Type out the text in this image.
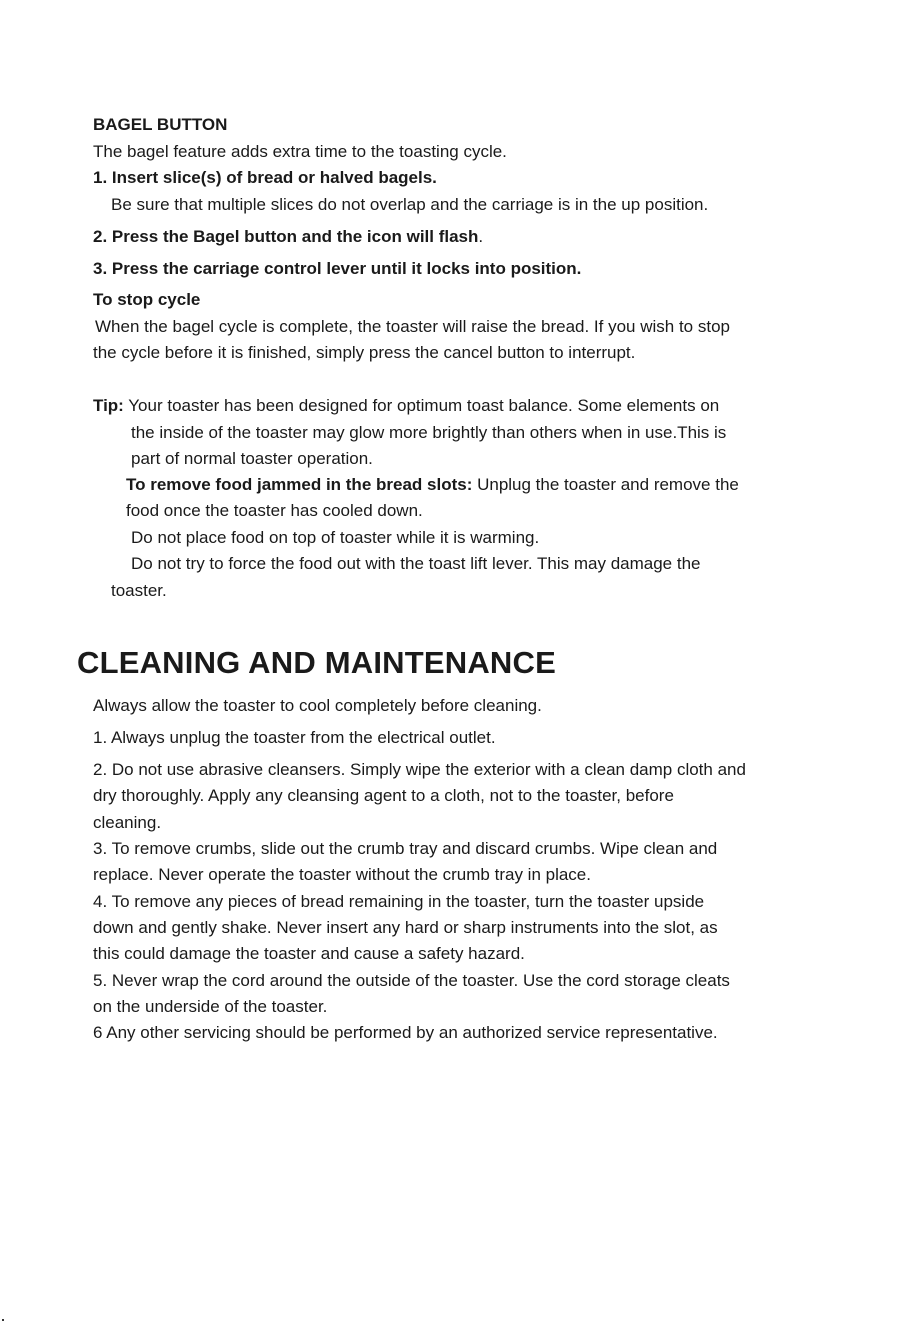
BAGEL BUTTON

The bagel feature adds extra time to the toasting cycle.

1. Insert slice(s) of bread or halved bagels.

Be sure that multiple slices do not overlap and the carriage is in the up position.

2. Press the Bagel button and the icon will flash.

3. Press the carriage control lever until it locks into position.

To stop cycle

When the bagel cycle is complete, the toaster will raise the bread. If you wish to stop

the cycle before it is finished, simply press the cancel button to interrupt.

Tip: Your toaster has been designed for optimum toast balance. Some elements on

the inside of the toaster may glow more brightly than others when in use.This is

part of normal toaster operation.

To remove food jammed in the bread slots: Unplug the toaster and remove the

food once the toaster has cooled down.

Do not place food on top of toaster while it is warming.

Do not try to force the food out with the toast lift lever. This may damage the

toaster.

CLEANING AND MAINTENANCE

Always allow the toaster to cool completely before cleaning.

1. Always unplug the toaster from the electrical outlet.

2. Do not use abrasive cleansers. Simply wipe the exterior with a clean damp cloth and

dry thoroughly. Apply any cleansing agent to a cloth, not to the toaster, before

cleaning.

3. To remove crumbs, slide out the crumb tray and discard crumbs. Wipe clean and

replace. Never operate the toaster without the crumb tray in place.

4. To remove any pieces of bread remaining in the toaster, turn the toaster upside

down and gently shake. Never insert any hard or sharp instruments into the slot, as

this could damage the toaster and cause a safety hazard.

5. Never wrap the cord around the outside of the toaster. Use the cord storage cleats

on the underside of the toaster.

6 Any other servicing should be performed by an authorized service representative.
